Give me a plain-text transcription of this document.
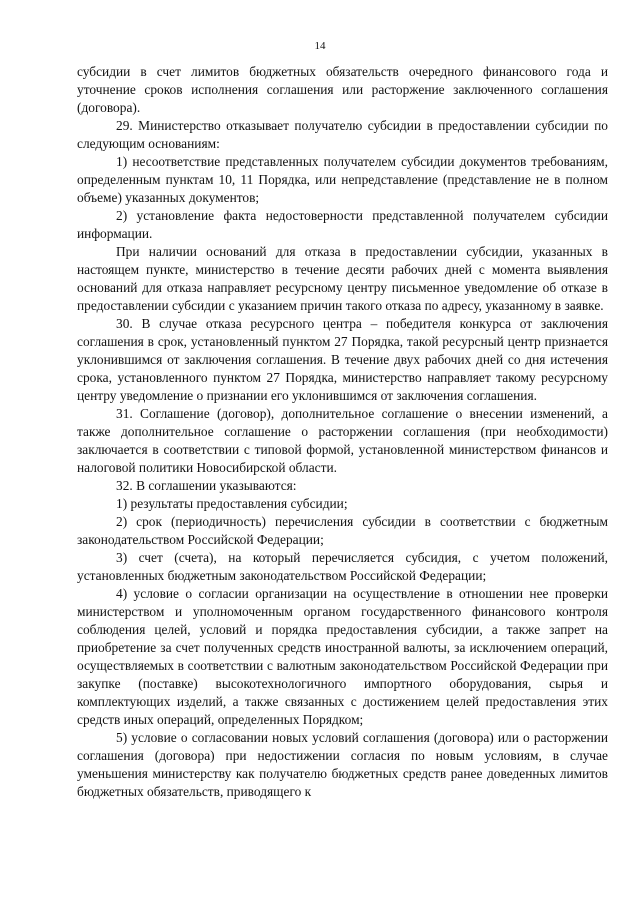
14

субсидии в счет лимитов бюджетных обязательств очередного финансового года и уточнение сроков исполнения соглашения или расторжение заключенного соглашения (договора).

29. Министерство отказывает получателю субсидии в предоставлении субсидии по следующим основаниям:

1) несоответствие представленных получателем субсидии документов требованиям, определенным пунктам 10, 11 Порядка, или непредставление (представление не в полном объеме) указанных документов;

2) установление факта недостоверности представленной получателем субсидии информации.

При наличии оснований для отказа в предоставлении субсидии, указанных в настоящем пункте, министерство в течение десяти рабочих дней с момента выявления оснований для отказа направляет ресурсному центру письменное уведомление об отказе в предоставлении субсидии с указанием причин такого отказа по адресу, указанному в заявке.

30. В случае отказа ресурсного центра – победителя конкурса от заключения соглашения в срок, установленный пунктом 27 Порядка, такой ресурсный центр признается уклонившимся от заключения соглашения. В течение двух рабочих дней со дня истечения срока, установленного пунктом 27 Порядка, министерство направляет такому ресурсному центру уведомление о признании его уклонившимся от заключения соглашения.

31. Соглашение (договор), дополнительное соглашение о внесении изменений, а также дополнительное соглашение о расторжении соглашения (при необходимости) заключается в соответствии с типовой формой, установленной министерством финансов и налоговой политики Новосибирской области.

32. В соглашении указываются:

1) результаты предоставления субсидии;

2) срок (периодичность) перечисления субсидии в соответствии с бюджетным законодательством Российской Федерации;

3) счет (счета), на который перечисляется субсидия, с учетом положений, установленных бюджетным законодательством Российской Федерации;

4) условие о согласии организации на осуществление в отношении нее проверки министерством и уполномоченным органом государственного финансового контроля соблюдения целей, условий и порядка предоставления субсидии, а также запрет на приобретение за счет полученных средств иностранной валюты, за исключением операций, осуществляемых в соответствии с валютным законодательством Российской Федерации при закупке (поставке) высокотехнологичного импортного оборудования, сырья и комплектующих изделий, а также связанных с достижением целей предоставления этих средств иных операций, определенных Порядком;

5) условие о согласовании новых условий соглашения (договора) или о расторжении соглашения (договора) при недостижении согласия по новым условиям, в случае уменьшения министерству как получателю бюджетных средств ранее доведенных лимитов бюджетных обязательств, приводящего к
